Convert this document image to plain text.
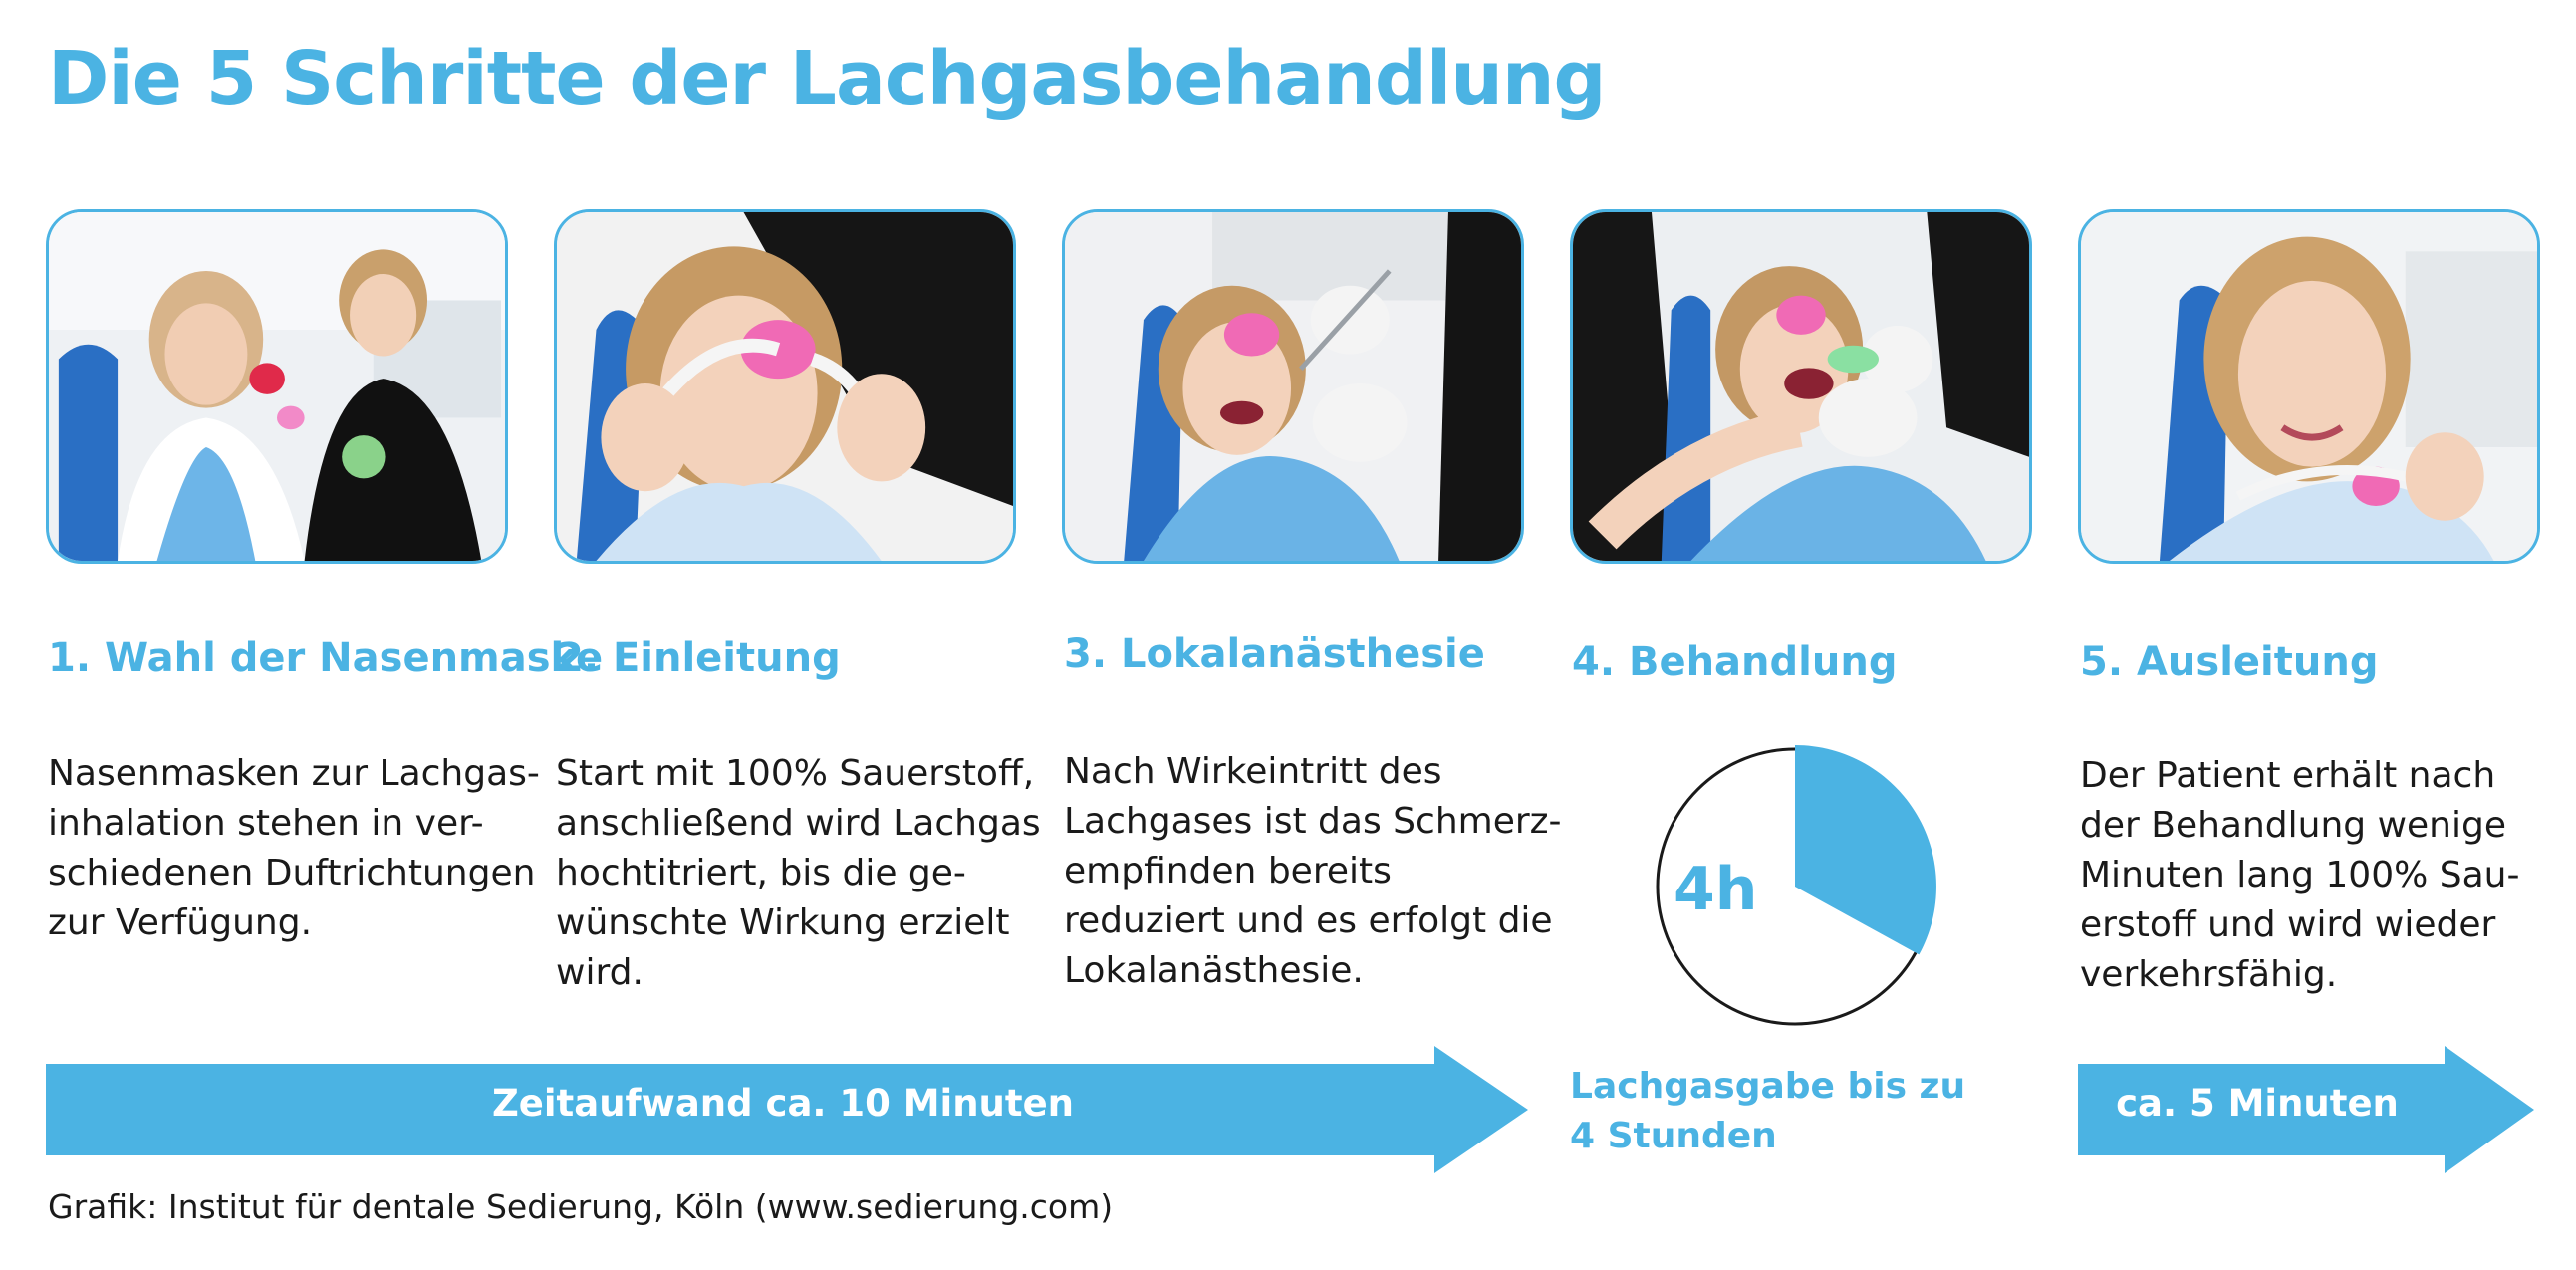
Die 5 Schritte der Lachgasbehandlung
1. Wahl der Nasenmaske
2. Einleitung	3. Lokalanästhesie 4. Behandlung	5. Ausleitung
Nasenmasken zur Lachgas-
inhalation stehen in ver-
schiedenen Duftrichtungen
zur Verfügung.
Start mit 100% Sauerstoff,
anschließend wird Lachgas
hochtitriert, bis die ge-
wünschte Wirkung erzielt
wird.
Nach Wirkeintritt des
Lachgases ist das Schmerz-
empfinden bereits
reduziert und es erfolgt die
Lokalanästhesie.
Der Patient erhält nach
der Behandlung wenige
Minuten lang 100% Sau-
erstoff und wird wieder
verkehrsfähig.
4h
Lachgasgabe bis zu
4 Stunden
Zeitaufwand ca. 10 Minuten	ca. 5 Minuten
Grafik: Institut für dentale Sedierung, Köln (www.sedierung.com)
